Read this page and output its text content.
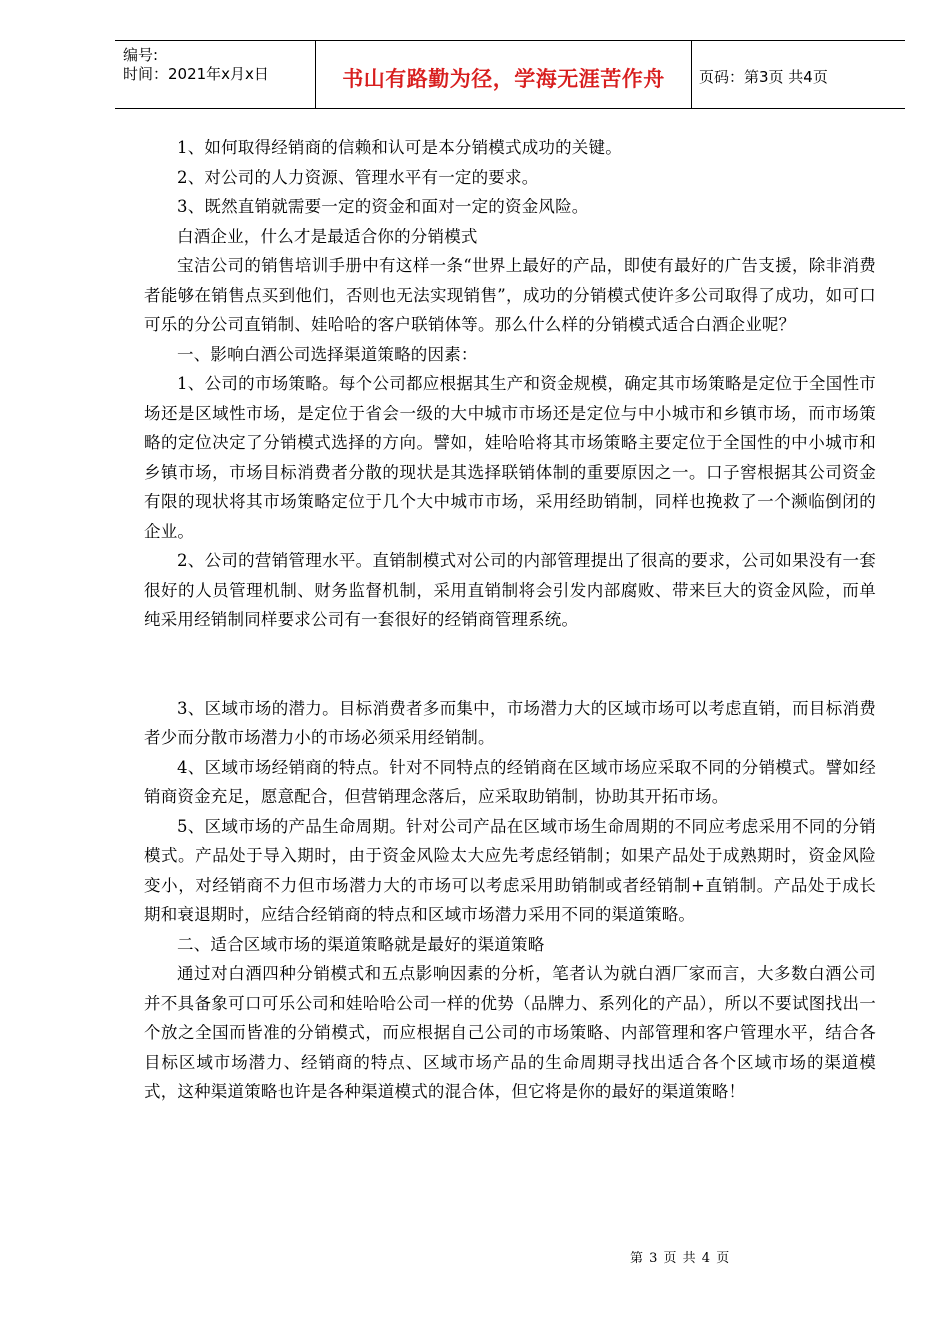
编号:
时间：2021年x月x日	书山有路勤为径，学海无涯苦作舟	页码：第3页 共4页

1、如何取得经销商的信赖和认可是本分销模式成功的关键。

2、对公司的人力资源、管理水平有一定的要求。

3、既然直销就需要一定的资金和面对一定的资金风险。

白酒企业，什么才是最适合你的分销模式

宝洁公司的销售培训手册中有这样一条“世界上最好的产品，即使有最好的广告支援，除非消费者能够在销售点买到他们，否则也无法实现销售”，成功的分销模式使许多公司取得了成功，如可口可乐的分公司直销制、娃哈哈的客户联销体等。那么什么样的分销模式适合白酒企业呢？

一、影响白酒公司选择渠道策略的因素：

1、公司的市场策略。每个公司都应根据其生产和资金规模，确定其市场策略是定位于全国性市场还是区域性市场，是定位于省会一级的大中城市市场还是定位与中小城市和乡镇市场，而市场策略的定位决定了分销模式选择的方向。譬如，娃哈哈将其市场策略主要定位于全国性的中小城市和乡镇市场，市场目标消费者分散的现状是其选择联销体制的重要原因之一。口子窖根据其公司资金有限的现状将其市场策略定位于几个大中城市市场，采用经助销制，同样也挽救了一个濒临倒闭的企业。

2、公司的营销管理水平。直销制模式对公司的内部管理提出了很高的要求，公司如果没有一套很好的人员管理机制、财务监督机制，采用直销制将会引发内部腐败、带来巨大的资金风险，而单纯采用经销制同样要求公司有一套很好的经销商管理系统。

3、区域市场的潜力。目标消费者多而集中，市场潜力大的区域市场可以考虑直销，而目标消费者少而分散市场潜力小的市场必须采用经销制。

4、区域市场经销商的特点。针对不同特点的经销商在区域市场应采取不同的分销模式。譬如经销商资金充足，愿意配合，但营销理念落后，应采取助销制，协助其开拓市场。

5、区域市场的产品生命周期。针对公司产品在区域市场生命周期的不同应考虑采用不同的分销模式。产品处于导入期时，由于资金风险太大应先考虑经销制；如果产品处于成熟期时，资金风险变小，对经销商不力但市场潜力大的市场可以考虑采用助销制或者经销制+直销制。产品处于成长期和衰退期时，应结合经销商的特点和区域市场潜力采用不同的渠道策略。

二、适合区域市场的渠道策略就是最好的渠道策略

通过对白酒四种分销模式和五点影响因素的分析，笔者认为就白酒厂家而言，大多数白酒公司并不具备象可口可乐公司和娃哈哈公司一样的优势（品牌力、系列化的产品），所以不要试图找出一个放之全国而皆准的分销模式，而应根据自己公司的市场策略、内部管理和客户管理水平，结合各目标区域市场潜力、经销商的特点、区域市场产品的生命周期寻找出适合各个区域市场的渠道模式，这种渠道策略也许是各种渠道模式的混合体，但它将是你的最好的渠道策略！

第 3 页 共 4 页
